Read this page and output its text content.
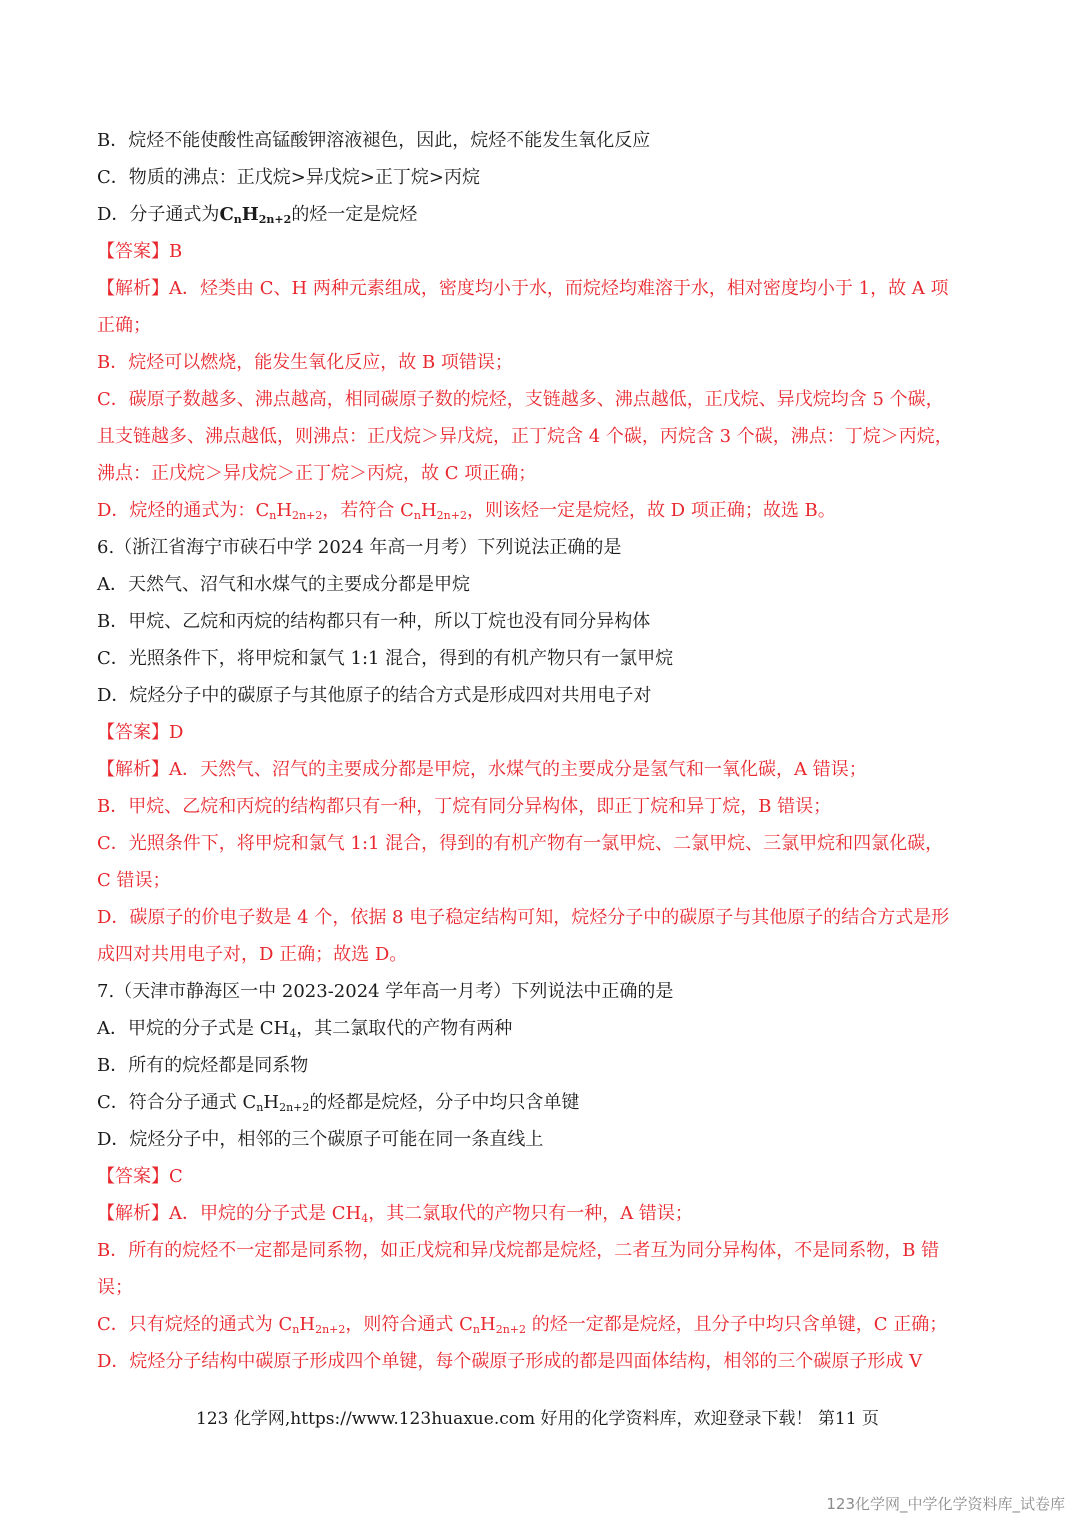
B．烷烃不能使酸性高锰酸钾溶液褪色，因此，烷烃不能发生氧化反应
C．物质的沸点：正戊烷>异戊烷>正丁烷>丙烷
D．分子通式为$C_nH_{2n+2}$的烃一定是烷烃
【答案】B
【解析】A．烃类由 C、H 两种元素组成，密度均小于水，而烷烃均难溶于水，相对密度均小于 1，故 A 项
正确；
B．烷烃可以燃烧，能发生氧化反应，故 B 项错误；
C．碳原子数越多、沸点越高，相同碳原子数的烷烃，支链越多、沸点越低，正戊烷、异戊烷均含 5 个碳，
且支链越多、沸点越低，则沸点：正戊烷＞异戊烷，正丁烷含 4 个碳，丙烷含 3 个碳，沸点：丁烷＞丙烷，
沸点：正戊烷＞异戊烷＞正丁烷＞丙烷，故 C 项正确；
D．烷烃的通式为：$C_nH_{2n+2}$，若符合 $C_nH_{2n+2}$，则该烃一定是烷烃，故 D 项正确；故选 B。
6.（浙江省海宁市硖石中学 2024 年高一月考）下列说法正确的是
A．天然气、沼气和水煤气的主要成分都是甲烷
B．甲烷、乙烷和丙烷的结构都只有一种，所以丁烷也没有同分异构体
C．光照条件下，将甲烷和氯气 1:1 混合，得到的有机产物只有一氯甲烷
D．烷烃分子中的碳原子与其他原子的结合方式是形成四对共用电子对
【答案】D
【解析】A．天然气、沼气的主要成分都是甲烷，水煤气的主要成分是氢气和一氧化碳，A 错误；
B．甲烷、乙烷和丙烷的结构都只有一种，丁烷有同分异构体，即正丁烷和异丁烷，B 错误；
C．光照条件下，将甲烷和氯气 1:1 混合，得到的有机产物有一氯甲烷、二氯甲烷、三氯甲烷和四氯化碳，
C 错误；
D．碳原子的价电子数是 4 个，依据 8 电子稳定结构可知，烷烃分子中的碳原子与其他原子的结合方式是形
成四对共用电子对，D 正确；故选 D。
7.（天津市静海区一中 2023-2024 学年高一月考）下列说法中正确的是
A．甲烷的分子式是 $CH_4$，其二氯取代的产物有两种
B．所有的烷烃都是同系物
C．符合分子通式 $C_nH_{2n+2}$的烃都是烷烃，分子中均只含单键
D．烷烃分子中，相邻的三个碳原子可能在同一条直线上
【答案】C
【解析】A．甲烷的分子式是 $CH_4$，其二氯取代的产物只有一种，A 错误；
B．所有的烷烃不一定都是同系物，如正戊烷和异戊烷都是烷烃，二者互为同分异构体，不是同系物，B 错
误；
C．只有烷烃的通式为 $C_nH_{2n+2}$，则符合通式 $C_nH_{2n+2}$ 的烃一定都是烷烃，且分子中均只含单键，C 正确；
D．烷烃分子结构中碳原子形成四个单键，每个碳原子形成的都是四面体结构，相邻的三个碳原子形成 V
123 化学网,https://www.123huaxue.com 好用的化学资料库，欢迎登录下载！ 第11 页
123化学网_中学化学资料库_试卷库
